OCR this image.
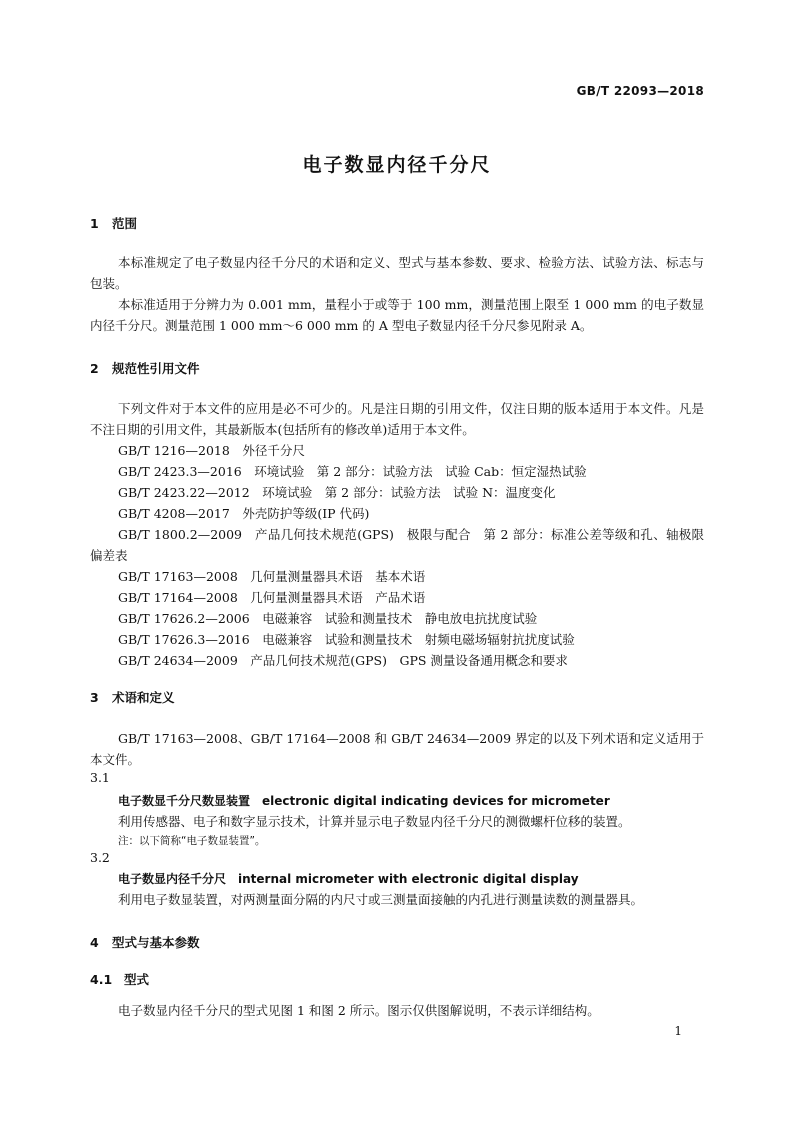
GB/T 22093—2018
电子数显内径千分尺
1 范围
本标准规定了电子数显内径千分尺的术语和定义、型式与基本参数、要求、检验方法、试验方法、标志与包装。
本标准适用于分辨力为 0.001 mm，量程小于或等于 100 mm，测量范围上限至 1 000 mm 的电子数显内径千分尺。测量范围 1 000 mm～6 000 mm 的 A 型电子数显内径千分尺参见附录 A。
2 规范性引用文件
下列文件对于本文件的应用是必不可少的。凡是注日期的引用文件，仅注日期的版本适用于本文件。凡是不注日期的引用文件，其最新版本(包括所有的修改单)适用于本文件。
GB/T 1216—2018　外径千分尺
GB/T 2423.3—2016　环境试验　第 2 部分：试验方法　试验 Cab：恒定湿热试验
GB/T 2423.22—2012　环境试验　第 2 部分：试验方法　试验 N：温度变化
GB/T 4208—2017　外壳防护等级(IP 代码)
GB/T 1800.2—2009　产品几何技术规范(GPS)　极限与配合　第 2 部分：标准公差等级和孔、轴极限偏差表
GB/T 17163—2008　几何量测量器具术语　基本术语
GB/T 17164—2008　几何量测量器具术语　产品术语
GB/T 17626.2—2006　电磁兼容　试验和测量技术　静电放电抗扰度试验
GB/T 17626.3—2016　电磁兼容　试验和测量技术　射频电磁场辐射抗扰度试验
GB/T 24634—2009　产品几何技术规范(GPS)　GPS 测量设备通用概念和要求
3 术语和定义
GB/T 17163—2008、GB/T 17164—2008 和 GB/T 24634—2009 界定的以及下列术语和定义适用于本文件。
3.1
电子数显千分尺数显装置　electronic digital indicating devices for micrometer
利用传感器、电子和数字显示技术，计算并显示电子数显内径千分尺的测微螺杆位移的装置。
注：以下简称“电子数显装置”。
3.2
电子数显内径千分尺　internal micrometer with electronic digital display
利用电子数显装置，对两测量面分隔的内尺寸或三测量面接触的内孔进行测量读数的测量器具。
4 型式与基本参数
4.1 型式
电子数显内径千分尺的型式见图 1 和图 2 所示。图示仅供图解说明，不表示详细结构。
1
